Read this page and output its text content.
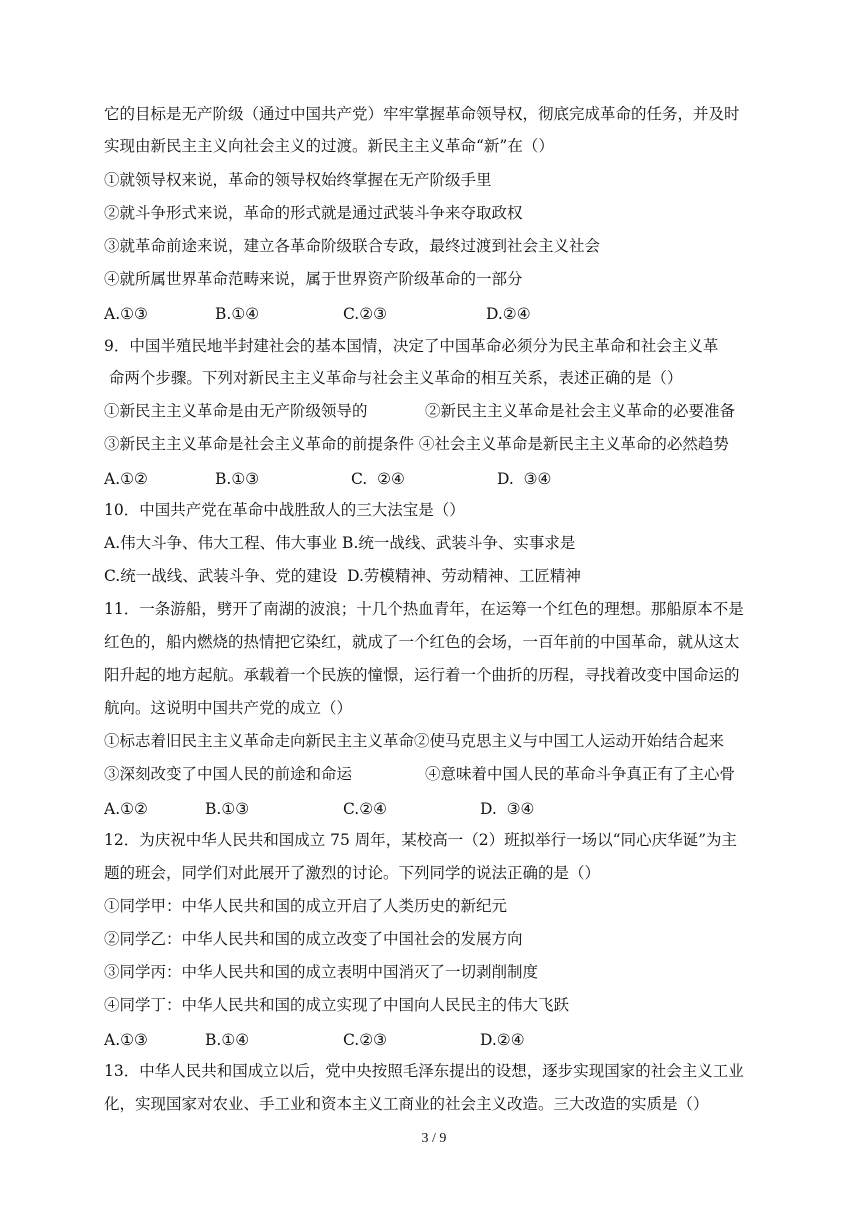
它的目标是无产阶级（通过中国共产党）牢牢掌握革命领导权，彻底完成革命的任务，并及时
实现由新民主主义向社会主义的过渡。新民主主义革命“新”在（）
①就领导权来说，革命的领导权始终掌握在无产阶级手里
②就斗争形式来说，革命的形式就是通过武装斗争来夺取政权
③就革命前途来说，建立各革命阶级联合专政，最终过渡到社会主义社会
④就所属世界革命范畴来说，属于世界资产阶级革命的一部分
A.①③	B.①④	C.②③	D.②④
9．中国半殖民地半封建社会的基本国情，决定了中国革命必须分为民主革命和社会主义革
命两个步骤。下列对新民主主义革命与社会主义革命的相互关系，表述正确的是（）
①新民主主义革命是由无产阶级领导的	②新民主主义革命是社会主义革命的必要准备
③新民主主义革命是社会主义革命的前提条件 ④社会主义革命是新民主主义革命的必然趋势
A.①②	B.①③	C.  ②④	D.  ③④
10．中国共产党在革命中战胜敌人的三大法宝是（）
A.伟大斗争、伟大工程、伟大事业 B.统一战线、武装斗争、实事求是
C.统一战线、武装斗争、党的建设  D.劳模精神、劳动精神、工匠精神
11．一条游船，劈开了南湖的波浪；十几个热血青年，在运筹一个红色的理想。那船原本不是
红色的，船内燃烧的热情把它染红，就成了一个红色的会场，一百年前的中国革命，就从这太
阳升起的地方起航。承载着一个民族的憧憬，运行着一个曲折的历程，寻找着改变中国命运的
航向。这说明中国共产党的成立（）
①标志着旧民主主义革命走向新民主主义革命②使马克思主义与中国工人运动开始结合起来
③深刻改变了中国人民的前途和命运	④意味着中国人民的革命斗争真正有了主心骨
A.①②	B.①③	C.②④	D.  ③④
12．为庆祝中华人民共和国成立 75 周年，某校高一（2）班拟举行一场以“同心庆华诞”为主
题的班会，同学们对此展开了激烈的讨论。下列同学的说法正确的是（）
①同学甲：中华人民共和国的成立开启了人类历史的新纪元
②同学乙：中华人民共和国的成立改变了中国社会的发展方向
③同学丙：中华人民共和国的成立表明中国消灭了一切剥削制度
④同学丁：中华人民共和国的成立实现了中国向人民民主的伟大飞跃
A.①③	B.①④	C.②③	D.②④
13．中华人民共和国成立以后，党中央按照毛泽东提出的设想，逐步实现国家的社会主义工业
化，实现国家对农业、手工业和资本主义工商业的社会主义改造。三大改造的实质是（）
3 / 9
